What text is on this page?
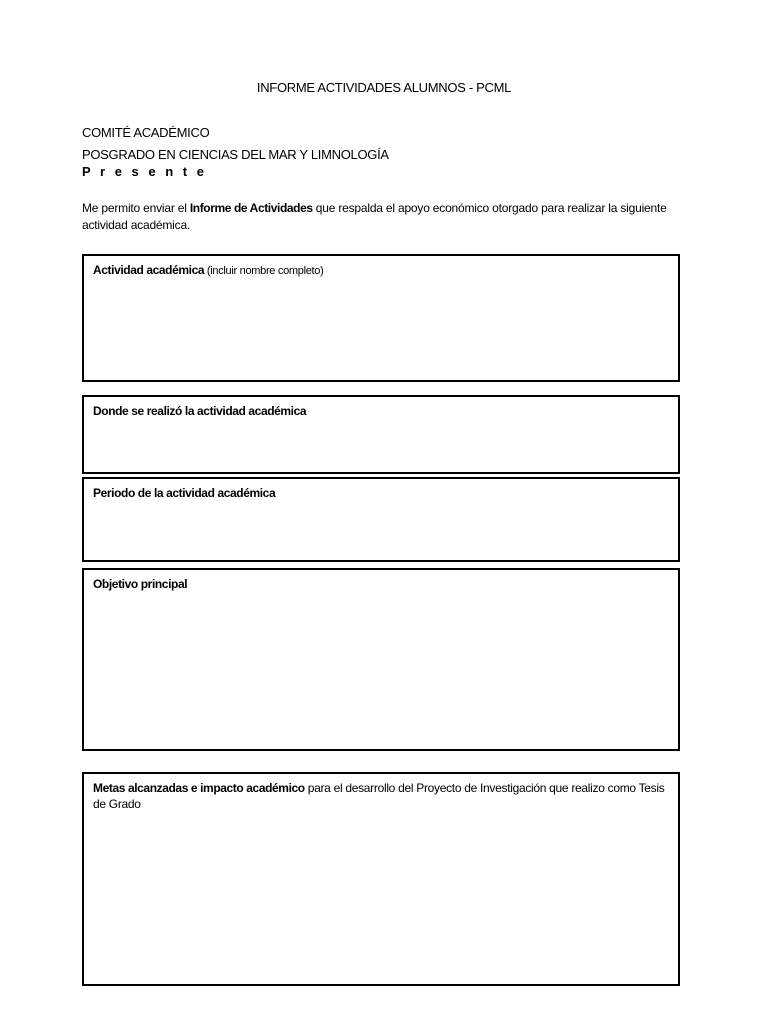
INFORME ACTIVIDADES ALUMNOS - PCML
COMITÉ ACADÉMICO
POSGRADO EN CIENCIAS DEL MAR Y LIMNOLOGÍA
P r e s e n t e
Me permito enviar el Informe de Actividades que respalda el apoyo económico otorgado para realizar la siguiente actividad académica.
Actividad académica (incluir nombre completo)
Donde se realizó la actividad académica
Periodo de la actividad académica
Objetivo principal
Metas alcanzadas e impacto académico para el desarrollo del Proyecto de Investigación que realizo como Tesis de Grado
